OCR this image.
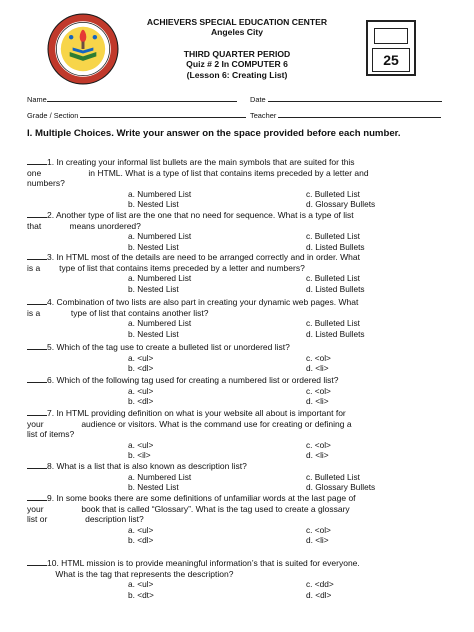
ACHIEVERS SPECIAL EDUCATION CENTER
Angeles City
THIRD QUARTER PERIOD
Quiz # 2 In COMPUTER 6
(Lesson 6: Creating List)
25
Name	Date
Grade / Section	Teacher
I. Multiple Choices. Write your answer on the space provided before each number.
1. In creating your informal list bullets are the main symbols that are suited for this
one                    in HTML. What is a type of list that contains items preceded by a letter and
numbers?
a. Numbered List	c. Bulleted List
b. Nested List	d. Glossary Bullets
2. Another type of list are the one that no need for sequence. What is a type of list
that            means unordered?
a. Numbered List	c. Bulleted List
b. Nested List	d. Listed Bullets
3. In HTML most of the details are need to be arranged correctly and in order. What
is a        type of list that contains items preceded by a letter and numbers?
a. Numbered List	c. Bulleted List
b. Nested List	d. Listed Bullets
4. Combination of two lists are also part in creating your dynamic web pages. What
is a             type of list that contains another list?
a. Numbered List	c. Bulleted List
b. Nested List	d. Listed Bullets
5. Which of the tag use to create a bulleted list or unordered list?
a. <ul>	c. <ol>
b. <dl>	d. <li>
6. Which of the following tag used for creating a numbered list or ordered list?
a. <ul>	c. <ol>
b. <dl>	d. <li>
7. In HTML providing definition on what is your website all about is important for
your                audience or visitors. What is the command use for creating or defining a
list of items?
a. <ul>	c. <ol>
b. <il>	d. <li>
8. What is a list that is also known as description list?
a. Numbered List	c. Bulleted List
b. Nested List	d. Glossary Bullets
9. In some books there are some definitions of unfamiliar words at the last page of
your                book that is called “Glossary”. What is the tag used to create a glossary
list or                description list?
a. <ul>	c. <ol>
b. <dl>	d. <li>
10. HTML mission is to provide meaningful information’s that is suited for everyone.
What is the tag that represents the description?
a. <ul>	c. <dd>
b. <dt>	d. <dl>
